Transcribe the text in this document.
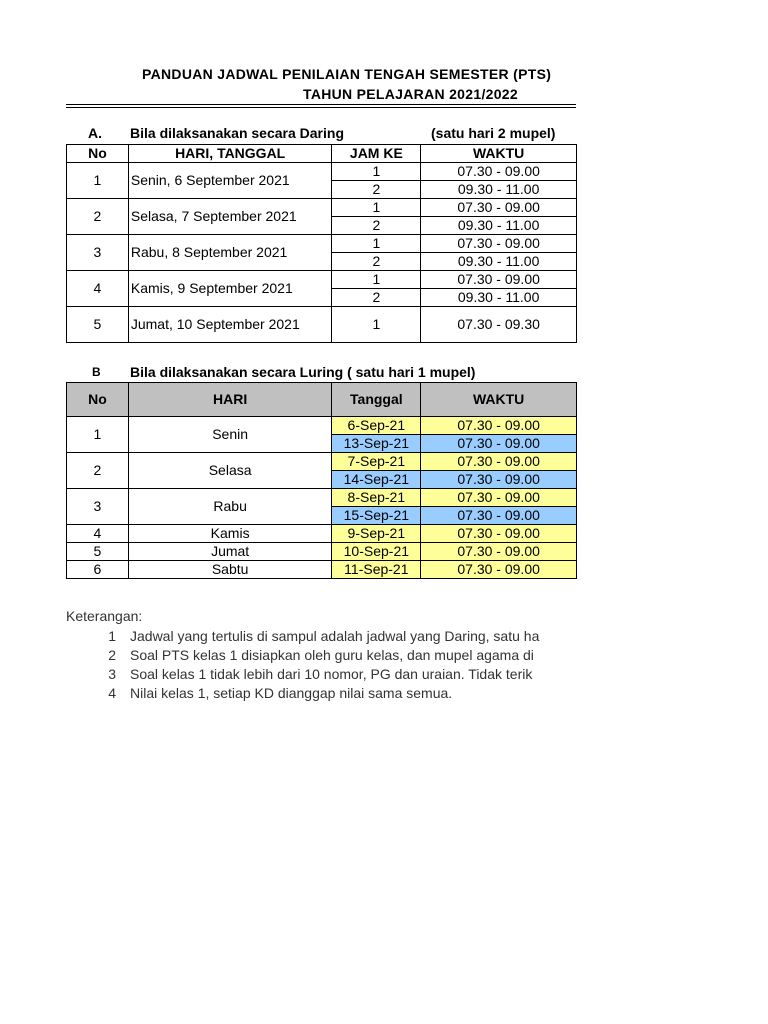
PANDUAN JADWAL PENILAIAN TENGAH SEMESTER (PTS)
TAHUN PELAJARAN 2021/2022
A. Bila dilaksanakan secara Daring	(satu hari 2 mupel)
No	HARI, TANGGAL	JAM KE	WAKTU
1	Senin, 6 September 2021	1	07.30 - 09.00
		2	09.30 - 11.00
2	Selasa, 7 September 2021	1	07.30 - 09.00
		2	09.30 - 11.00
3	Rabu, 8 September 2021	1	07.30 - 09.00
		2	09.30 - 11.00
4	Kamis, 9 September 2021	1	07.30 - 09.00
		2	09.30 - 11.00
5	Jumat, 10 September 2021	1	07.30 - 09.30
B Bila dilaksanakan secara Luring ( satu hari 1 mupel)
No	HARI	Tanggal	WAKTU
1	Senin	6-Sep-21	07.30 - 09.00
		13-Sep-21	07.30 - 09.00
2	Selasa	7-Sep-21	07.30 - 09.00
		14-Sep-21	07.30 - 09.00
3	Rabu	8-Sep-21	07.30 - 09.00
		15-Sep-21	07.30 - 09.00
4	Kamis	9-Sep-21	07.30 - 09.00
5	Jumat	10-Sep-21	07.30 - 09.00
6	Sabtu	11-Sep-21	07.30 - 09.00
Keterangan:
1 Jadwal yang tertulis di sampul adalah jadwal yang Daring, satu ha
2 Soal PTS kelas 1 disiapkan oleh guru kelas, dan mupel agama di
3 Soal kelas 1 tidak lebih dari 10 nomor, PG dan uraian. Tidak terik
4 Nilai kelas 1, setiap KD dianggap nilai sama semua.
